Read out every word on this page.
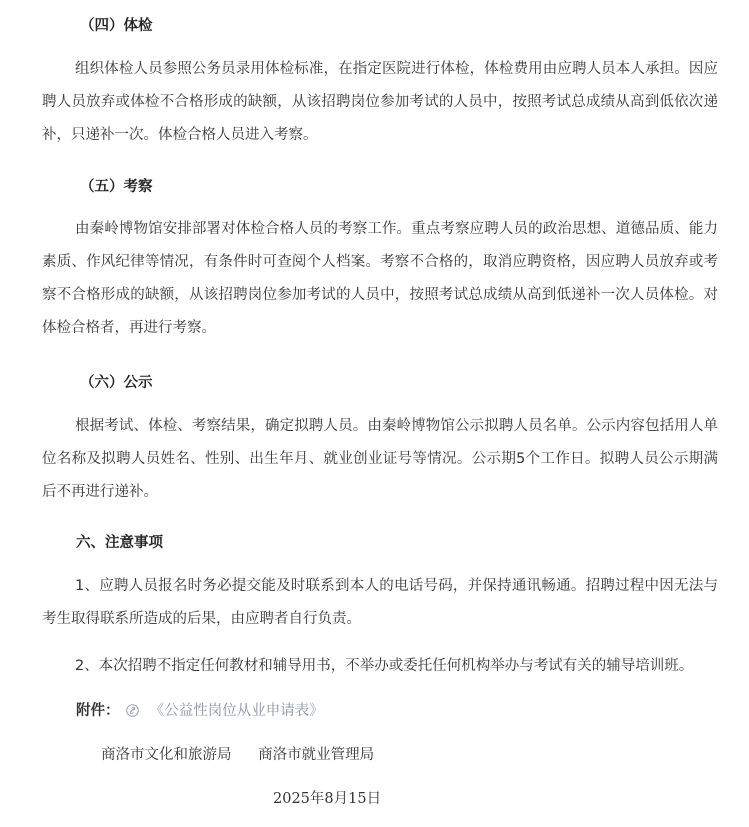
（四）体检

组织体检人员参照公务员录用体检标准，在指定医院进行体检，体检费用由应聘人员本人承担。因应聘人员放弃或体检不合格形成的缺额，从该招聘岗位参加考试的人员中，按照考试总成绩从高到低依次递补，只递补一次。体检合格人员进入考察。

（五）考察

由秦岭博物馆安排部署对体检合格人员的考察工作。重点考察应聘人员的政治思想、道德品质、能力素质、作风纪律等情况，有条件时可查阅个人档案。考察不合格的，取消应聘资格，因应聘人员放弃或考察不合格形成的缺额，从该招聘岗位参加考试的人员中，按照考试总成绩从高到低递补一次人员体检。对体检合格者，再进行考察。

（六）公示

根据考试、体检、考察结果，确定拟聘人员。由秦岭博物馆公示拟聘人员名单。公示内容包括用人单位名称及拟聘人员姓名、性别、出生年月、就业创业证号等情况。公示期5个工作日。拟聘人员公示期满后不再进行递补。

六、注意事项

1、应聘人员报名时务必提交能及时联系到本人的电话号码，并保持通讯畅通。招聘过程中因无法与考生取得联系所造成的后果，由应聘者自行负责。

2、本次招聘不指定任何教材和辅导用书，不举办或委托任何机构举办与考试有关的辅导培训班。

附件： 《公益性岗位从业申请表》
商洛市文化和旅游局 商洛市就业管理局
2025年8月15日
